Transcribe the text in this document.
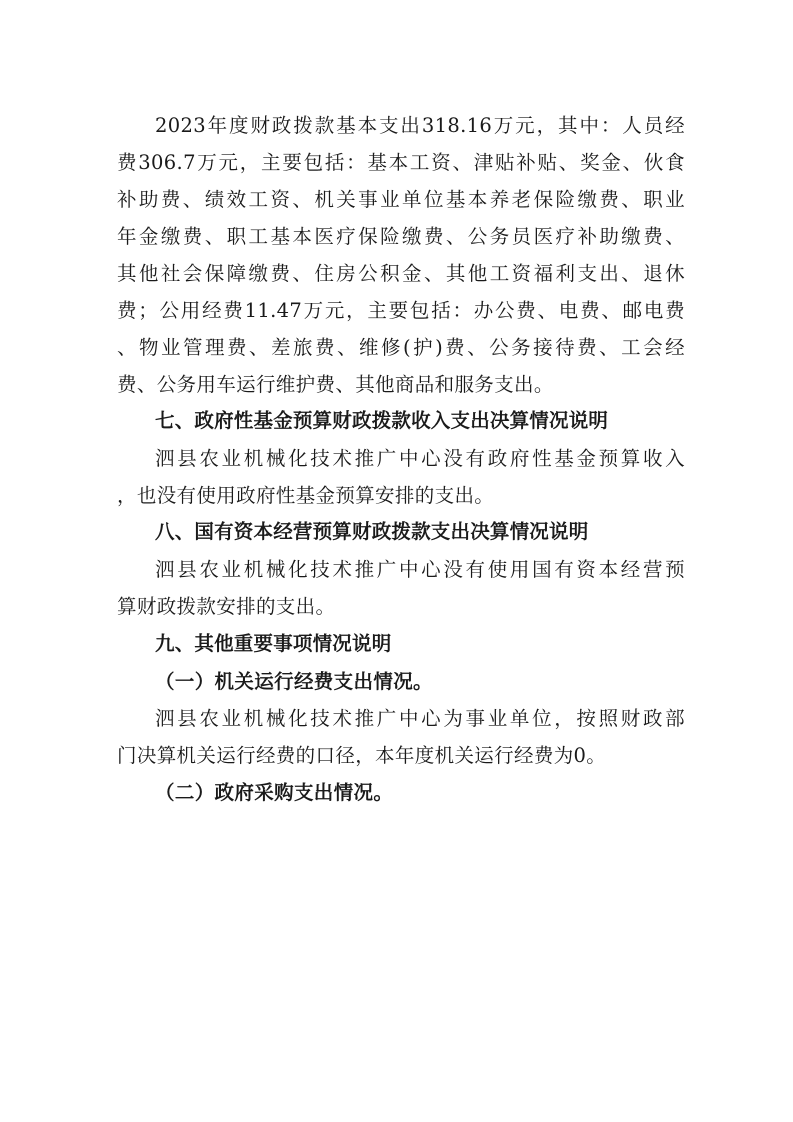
2023年度财政拨款基本支出318.16万元，其中：人员经
费306.7万元，主要包括：基本工资、津贴补贴、奖金、伙食
补助费、绩效工资、机关事业单位基本养老保险缴费、职业
年金缴费、职工基本医疗保险缴费、公务员医疗补助缴费、
其他社会保障缴费、住房公积金、其他工资福利支出、退休
费；公用经费11.47万元，主要包括：办公费、电费、邮电费
、物业管理费、差旅费、维修(护)费、公务接待费、工会经
费、公务用车运行维护费、其他商品和服务支出。
七、政府性基金预算财政拨款收入支出决算情况说明
泗县农业机械化技术推广中心没有政府性基金预算收入
，也没有使用政府性基金预算安排的支出。
八、国有资本经营预算财政拨款支出决算情况说明
泗县农业机械化技术推广中心没有使用国有资本经营预
算财政拨款安排的支出。
九、其他重要事项情况说明
（一）机关运行经费支出情况。
泗县农业机械化技术推广中心为事业单位，按照财政部
门决算机关运行经费的口径，本年度机关运行经费为0。
（二）政府采购支出情况。
